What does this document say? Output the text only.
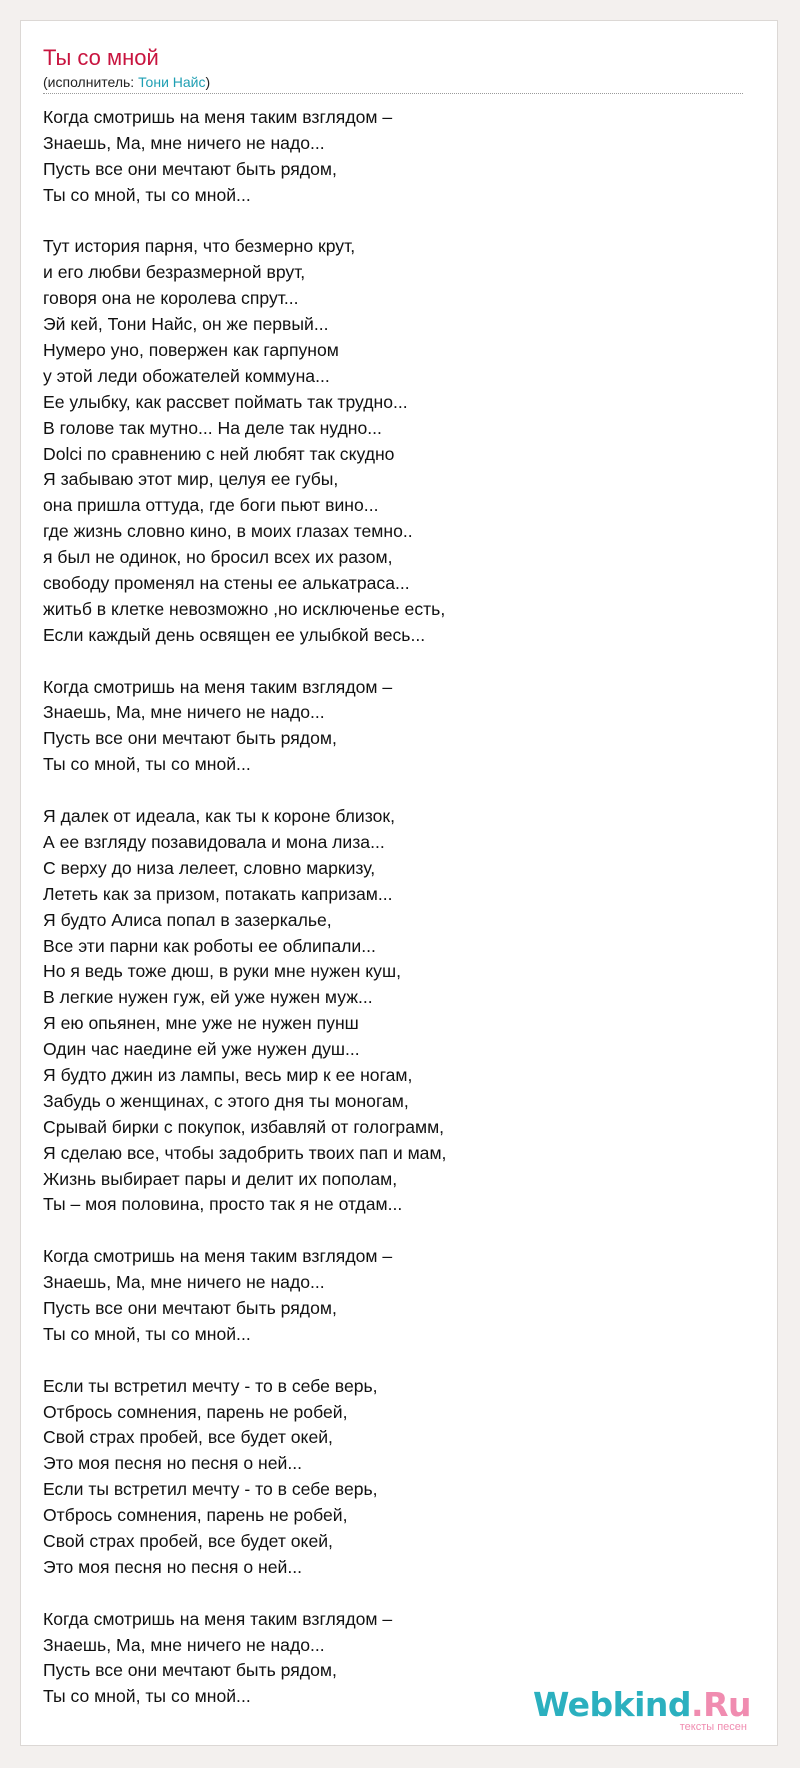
Ты со мной
(исполнитель: Тони Найс)
Когда смотришь на меня таким взглядом –
Знаешь, Ма, мне ничего не надо...
Пусть все они мечтают быть рядом,
Ты со мной, ты со мной...
Тут история парня, что безмерно крут,
и его любви безразмерной врут,
говоря она не королева спрут...
Эй кей, Тони Найс, он же первый...
Нумеро уно, повержен как гарпуном
у этой леди обожателей коммуна...
Ее улыбку, как рассвет поймать так трудно...
В голове так мутно... На деле так нудно...
Dolci по сравнению с ней любят так скудно
Я забываю этот мир, целуя ее губы,
она пришла оттуда, где боги пьют вино...
где жизнь словно кино, в моих глазах темно..
я был не одинок, но бросил всех их разом,
свободу променял на стены ее алькатраса...
житьб в клетке невозможно ,но исключенье есть,
Если каждый день освящен ее улыбкой весь...
Когда смотришь на меня таким взглядом –
Знаешь, Ма, мне ничего не надо...
Пусть все они мечтают быть рядом,
Ты со мной, ты со мной...
Я далек от идеала, как ты к короне близок,
А ее взгляду позавидовала и мона лиза...
С верху до низа лелеет, словно маркизу,
Лететь как за призом, потакать капризам...
Я будто Алиса попал в зазеркалье,
Все эти парни как роботы ее облипали...
Но я ведь тоже дюш, в руки мне нужен куш,
В легкие нужен гуж, ей уже нужен муж...
Я ею опьянен, мне уже не нужен пунш
Один час наедине ей уже нужен душ...
Я будто джин из лампы, весь мир к ее ногам,
Забудь о женщинах, с этого дня ты моногам,
Срывай бирки с покупок, избавляй от голограмм,
Я сделаю все, чтобы задобрить твоих пап и мам,
Жизнь выбирает пары и делит их пополам,
Ты – моя половина, просто так я не отдам...
Когда смотришь на меня таким взглядом –
Знаешь, Ма, мне ничего не надо...
Пусть все они мечтают быть рядом,
Ты со мной, ты со мной...
Если ты встретил мечту - то в себе верь,
Отбрось сомнения, парень не робей,
Свой страх пробей, все будет окей,
Это моя песня но песня о ней...
Если ты встретил мечту - то в себе верь,
Отбрось сомнения, парень не робей,
Свой страх пробей, все будет окей,
Это моя песня но песня о ней...
Когда смотришь на меня таким взглядом –
Знаешь, Ма, мне ничего не надо...
Пусть все они мечтают быть рядом,
Ты со мной, ты со мной...	Webkind.Ru
тексты песен
